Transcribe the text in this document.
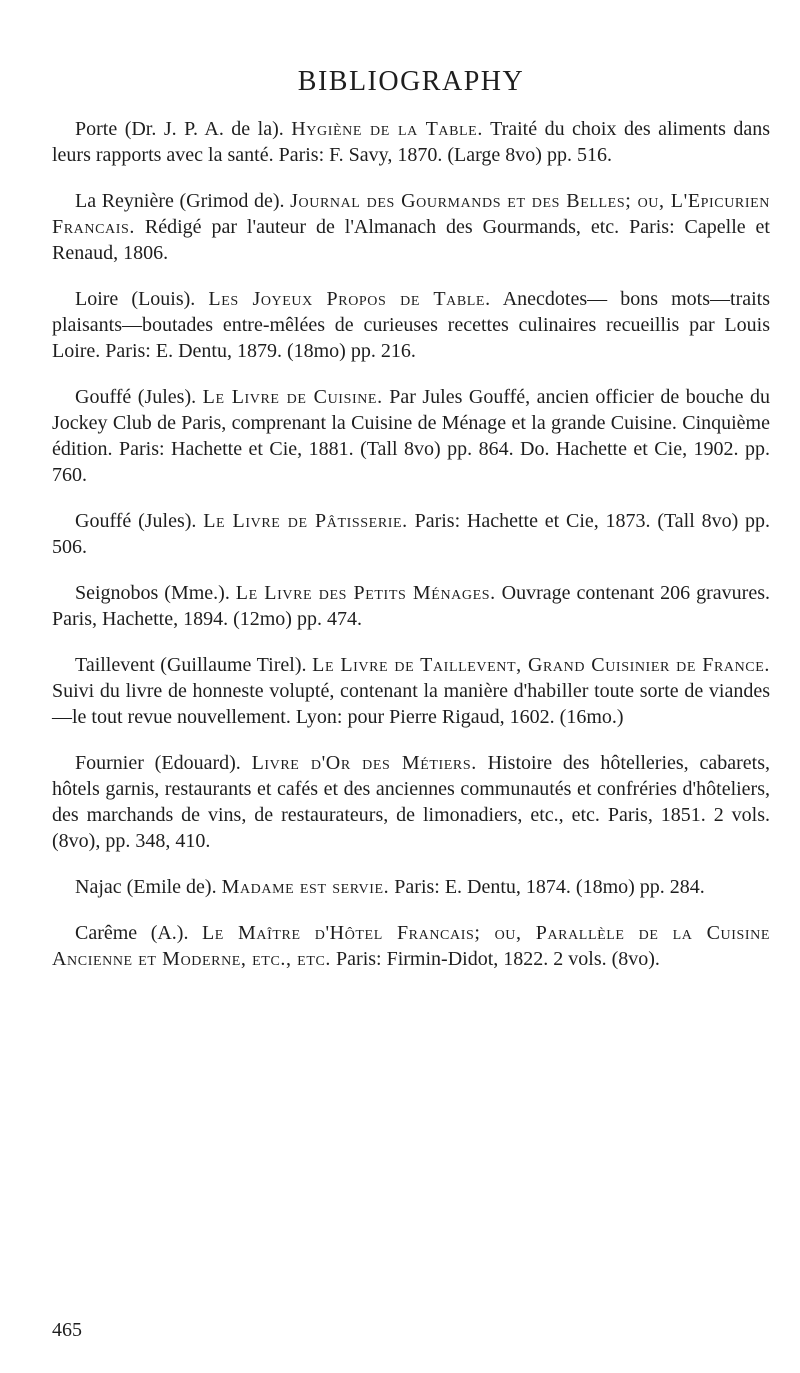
BIBLIOGRAPHY

Porte (Dr. J. P. A. de la). Hygiène de la Table. Traité du choix des aliments dans leurs rapports avec la santé. Paris: F. Savy, 1870. (Large 8vo) pp. 516.

La Reynière (Grimod de). Journal des Gourmands et des Belles; ou, L'Epicurien Francais. Rédigé par l'auteur de l'Almanach des Gourmands, etc. Paris: Capelle et Renaud, 1806.

Loire (Louis). Les Joyeux Propos de Table. Anecdotes— bons mots—traits plaisants—boutades entre-mêlées de curieuses recettes culinaires recueillis par Louis Loire. Paris: E. Dentu, 1879. (18mo) pp. 216.

Gouffé (Jules). Le Livre de Cuisine. Par Jules Gouffé, ancien officier de bouche du Jockey Club de Paris, comprenant la Cuisine de Ménage et la grande Cuisine. Cinquième édition. Paris: Hachette et Cie, 1881. (Tall 8vo) pp. 864. Do. Hachette et Cie, 1902. pp. 760.

Gouffé (Jules). Le Livre de Pâtisserie. Paris: Hachette et Cie, 1873. (Tall 8vo) pp. 506.

Seignobos (Mme.). Le Livre des Petits Ménages. Ouvrage contenant 206 gravures. Paris, Hachette, 1894. (12mo) pp. 474.

Taillevent (Guillaume Tirel). Le Livre de Taillevent, Grand Cuisinier de France. Suivi du livre de honneste volupté, contenant la manière d'habiller toute sorte de viandes—le tout revue nouvellement. Lyon: pour Pierre Rigaud, 1602. (16mo.)

Fournier (Edouard). Livre d'Or des Métiers. Histoire des hôtelleries, cabarets, hôtels garnis, restaurants et cafés et des anciennes communautés et confréries d'hôteliers, des marchands de vins, de restaurateurs, de limonadiers, etc., etc. Paris, 1851. 2 vols. (8vo), pp. 348, 410.

Najac (Emile de). Madame est servie. Paris: E. Dentu, 1874. (18mo) pp. 284.

Carême (A.). Le Maître d'Hôtel Francais; ou, Parallèle de la Cuisine Ancienne et Moderne, etc., etc. Paris: Firmin-Didot, 1822. 2 vols. (8vo).

465
